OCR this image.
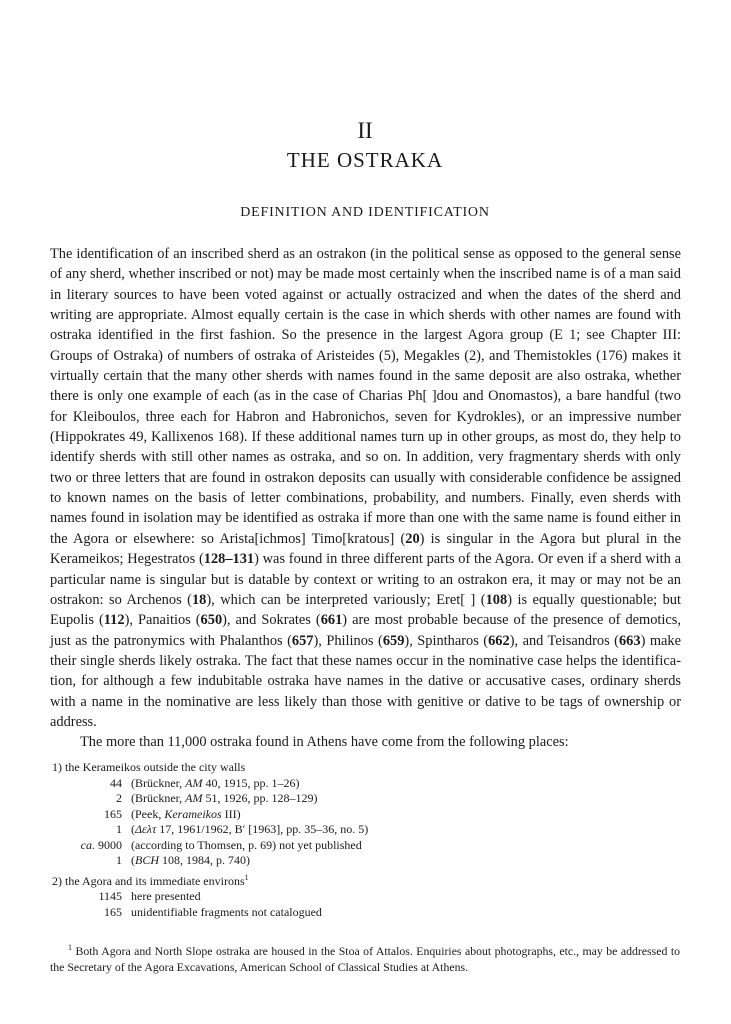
II
THE OSTRAKA
DEFINITION AND IDENTIFICATION

The identification of an inscribed sherd as an ostrakon (in the political sense as opposed to the general sense of any sherd, whether inscribed or not) may be made most certainly when the inscribed name is of a man said in literary sources to have been voted against or actually ostracized and when the dates of the sherd and writing are appropriate. Almost equally certain is the case in which sherds with other names are found with ostraka identified in the first fashion. So the presence in the largest Agora group (E 1; see Chapter III: Groups of Ostraka) of numbers of ostraka of Aristeides (5), Megakles (2), and Themistokles (176) makes it virtually certain that the many other sherds with names found in the same deposit are also ostraka, whether there is only one example of each (as in the case of Charias Ph[ ]dou and Onomastos), a bare handful (two for Kleiboulos, three each for Habron and Habronichos, seven for Kydrokles), or an impressive number (Hippokrates 49, Kallixenos 168). If these additional names turn up in other groups, as most do, they help to identify sherds with still other names as ostraka, and so on. In addition, very fragmentary sherds with only two or three letters that are found in ostrakon deposits can usually with considerable confidence be assigned to known names on the basis of letter combinations, probability, and numbers. Finally, even sherds with names found in isolation may be identified as ostraka if more than one with the same name is found either in the Agora or elsewhere: so Arista[ichmos] Timo[kratous] (20) is singular in the Agora but plural in the Kerameikos; Hegestratos (128–131) was found in three different parts of the Agora. Or even if a sherd with a particular name is singular but is datable by context or writing to an ostrakon era, it may or may not be an ostrakon: so Archenos (18), which can be interpreted variously; Eret[ ] (108) is equally questionable; but Eupolis (112), Panaitios (650), and Sokrates (661) are most probable because of the presence of demotics, just as the patronymics with Phalanthos (657), Philinos (659), Spintharos (662), and Teisandros (663) make their single sherds likely ostraka. The fact that these names occur in the nominative case helps the identification, for although a few indubitable ostraka have names in the dative or accusative cases, ordinary sherds with a name in the nominative are less likely than those with genitive or dative to be tags of ownership or address.

The more than 11,000 ostraka found in Athens have come from the following places:

1) the Kerameikos outside the city walls
44 (Brückner, AM 40, 1915, pp. 1–26)
2 (Brückner, AM 51, 1926, pp. 128–129)
165 (Peek, Kerameikos III)
1 (Δελτ 17, 1961/1962, B′ [1963], pp. 35–36, no. 5)
ca. 9000 (according to Thomsen, p. 69) not yet published
1 (BCH 108, 1984, p. 740)
2) the Agora and its immediate environs$^1$
1145 here presented
165 unidentifiable fragments not catalogued
$^1$ Both Agora and North Slope ostraka are housed in the Stoa of Attalos. Enquiries about photographs, etc., may be addressed to the Secretary of the Agora Excavations, American School of Classical Studies at Athens.
